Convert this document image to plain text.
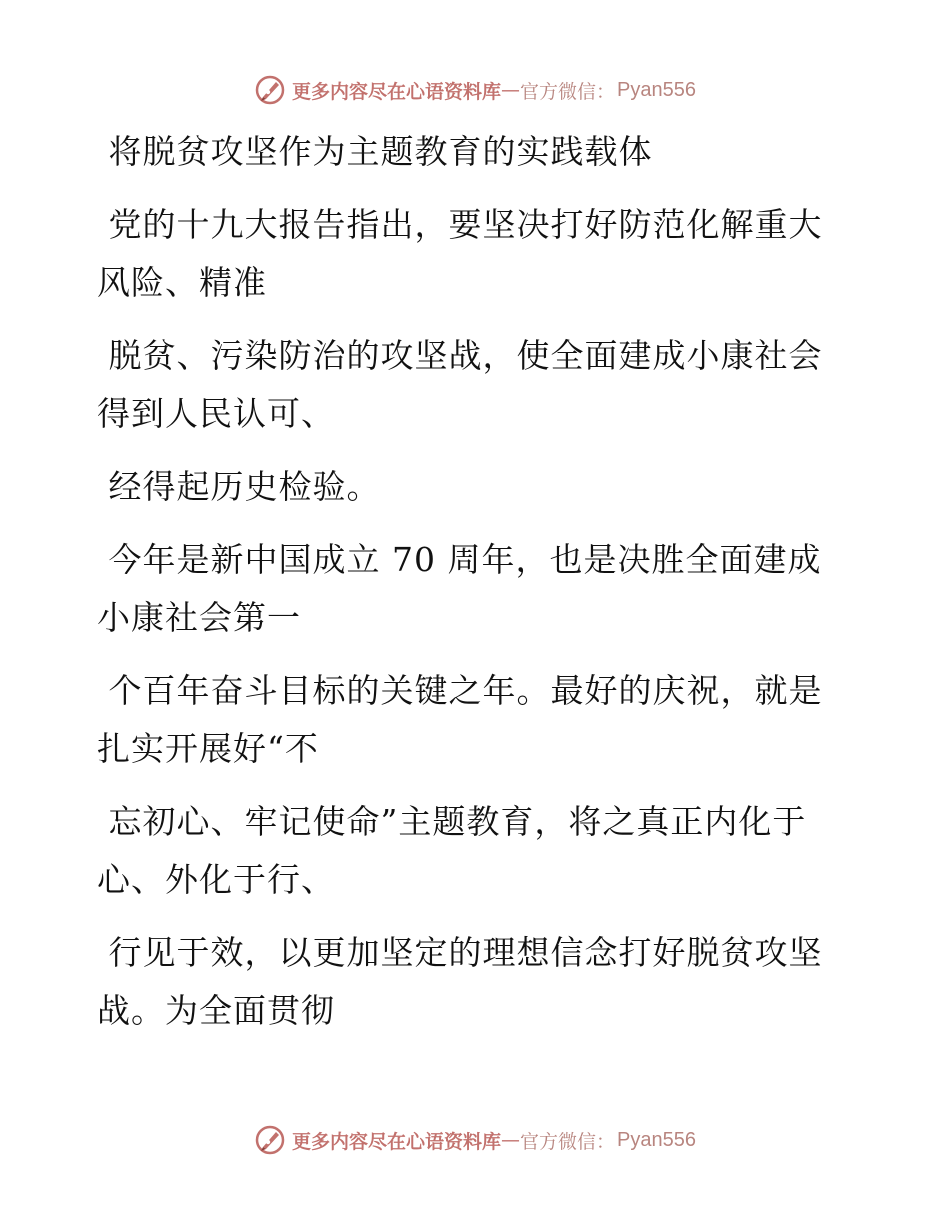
更多内容尽在心语资料库 — 官方微信： Pyan556

将脱贫攻坚作为主题教育的实践载体

党的十九大报告指出，要坚决打好防范化解重大风险、精准

脱贫、污染防治的攻坚战，使全面建成小康社会得到人民认可、

经得起历史检验。

今年是新中国成立 70 周年，也是决胜全面建成小康社会第一

个百年奋斗目标的关键之年。最好的庆祝，就是扎实开展好“不

忘初心、牢记使命”主题教育，将之真正内化于心、外化于行、

行见于效，以更加坚定的理想信念打好脱贫攻坚战。为全面贯彻

更多内容尽在心语资料库 — 官方微信： Pyan556
